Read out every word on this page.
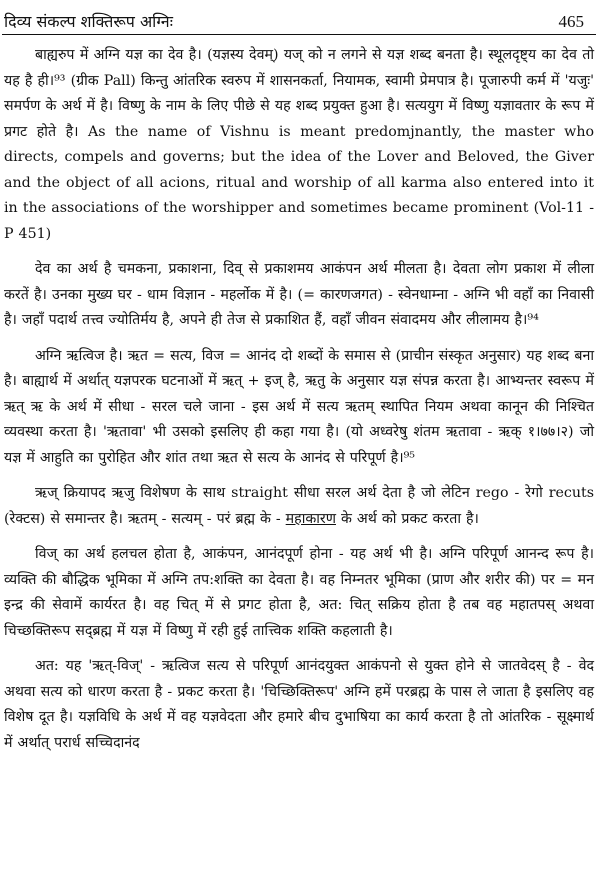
दिव्य संकल्प शक्तिरूप अग्निः	465

बाह्यरुप में अग्नि यज्ञ का देव है। (यज्ञस्य देवम्) यज् को न लगने से यज्ञ शब्द बनता है। स्थूलदृष्ट्य का देव तो यह है ही।⁹³ (ग्रीक Pall) किन्तु आंतरिक स्वरुप में शासनकर्ता, नियामक, स्वामी प्रेमपात्र है। पूजारुपी कर्म में 'यजुः' समर्पण के अर्थ में है। विष्णु के नाम के लिए पीछे से यह शब्द प्रयुक्त हुआ है। सत्ययुग में विष्णु यज्ञावतार के रूप में प्रगट होते है। As the name of Vishnu is meant predomjnantly, the master who directs, compels and governs; but the idea of the Lover and Beloved, the Giver and the object of all acions, ritual and worship of all karma also entered into it in the associations of the worshipper and sometimes became prominent (Vol-11 - P 451)

देव का अर्थ है चमकना, प्रकाशना, दिव् से प्रकाशमय आकंपन अर्थ मीलता है। देवता लोग प्रकाश में लीला करतें है। उनका मुख्य घर - धाम विज्ञान - महर्लोक में है। (= कारणजगत) - स्वेनधाम्ना - अग्नि भी वहाँ का निवासी है। जहाँ पदार्थ तत्त्व ज्योतिर्मय है, अपने ही तेज से प्रकाशित हैं, वहाँ जीवन संवादमय और लीलामय है।⁹⁴

अग्नि ऋत्विज है। ऋत = सत्य, विज = आनंद दो शब्दों के समास से (प्राचीन संस्कृत अनुसार) यह शब्द बना है। बाह्यार्थ में अर्थात् यज्ञपरक घटनाओं में ऋत् + इज् है, ऋतु के अनुसार यज्ञ संपन्न करता है। आभ्यन्तर स्वरूप में ऋत् ऋ के अर्थ में सीधा - सरल चले जाना - इस अर्थ में सत्य ऋतम् स्थापित नियम अथवा कानून की निश्चित व्यवस्था करता है। 'ऋतावा' भी उसको इसलिए ही कहा गया है। (यो अध्वरेषु शंतम ऋतावा - ऋक् १।७७।२) जो यज्ञ में आहुति का पुरोहित और शांत तथा ऋत से सत्य के आनंद से परिपूर्ण है।⁹⁵

ऋज् क्रियापद ऋजु विशेषण के साथ straight सीधा सरल अर्थ देता है जो लेटिन rego - रेगो recuts (रेक्टस) से समान्तर है। ऋतम् - सत्यम् - परं ब्रह्म के - महाकारण के अर्थ को प्रकट करता है।

विज् का अर्थ हलचल होता है, आकंपन, आनंदपूर्ण होना - यह अर्थ भी है। अग्नि परिपूर्ण आनन्द रूप है। व्यक्ति की बौद्धिक भूमिका में अग्नि तप:शक्ति का देवता है। वह निम्नतर भूमिका (प्राण और शरीर की) पर = मन इन्द्र की सेवामें कार्यरत है। वह चित् में से प्रगट होता है, अत: चित् सक्रिय होता है तब वह महातपस् अथवा चिच्छक्तिरूप सद्ब्रह्म में यज्ञ में विष्णु में रही हुई तात्त्विक शक्ति कहलाती है।

अत: यह 'ऋत्-विज्' - ऋत्विज सत्य से परिपूर्ण आनंदयुक्त आकंपनो से युक्त होने से जातवेदस् है - वेद अथवा सत्य को धारण करता है - प्रकट करता है। 'चिच्छिक्तिरूप' अग्नि हमें परब्रह्म के पास ले जाता है इसलिए वह विशेष दूत है। यज्ञविधि के अर्थ में वह यज्ञवेदता और हमारे बीच दुभाषिया का कार्य करता है तो आंतरिक - सूक्ष्मार्थ में अर्थात् परार्ध सच्चिदानंद
